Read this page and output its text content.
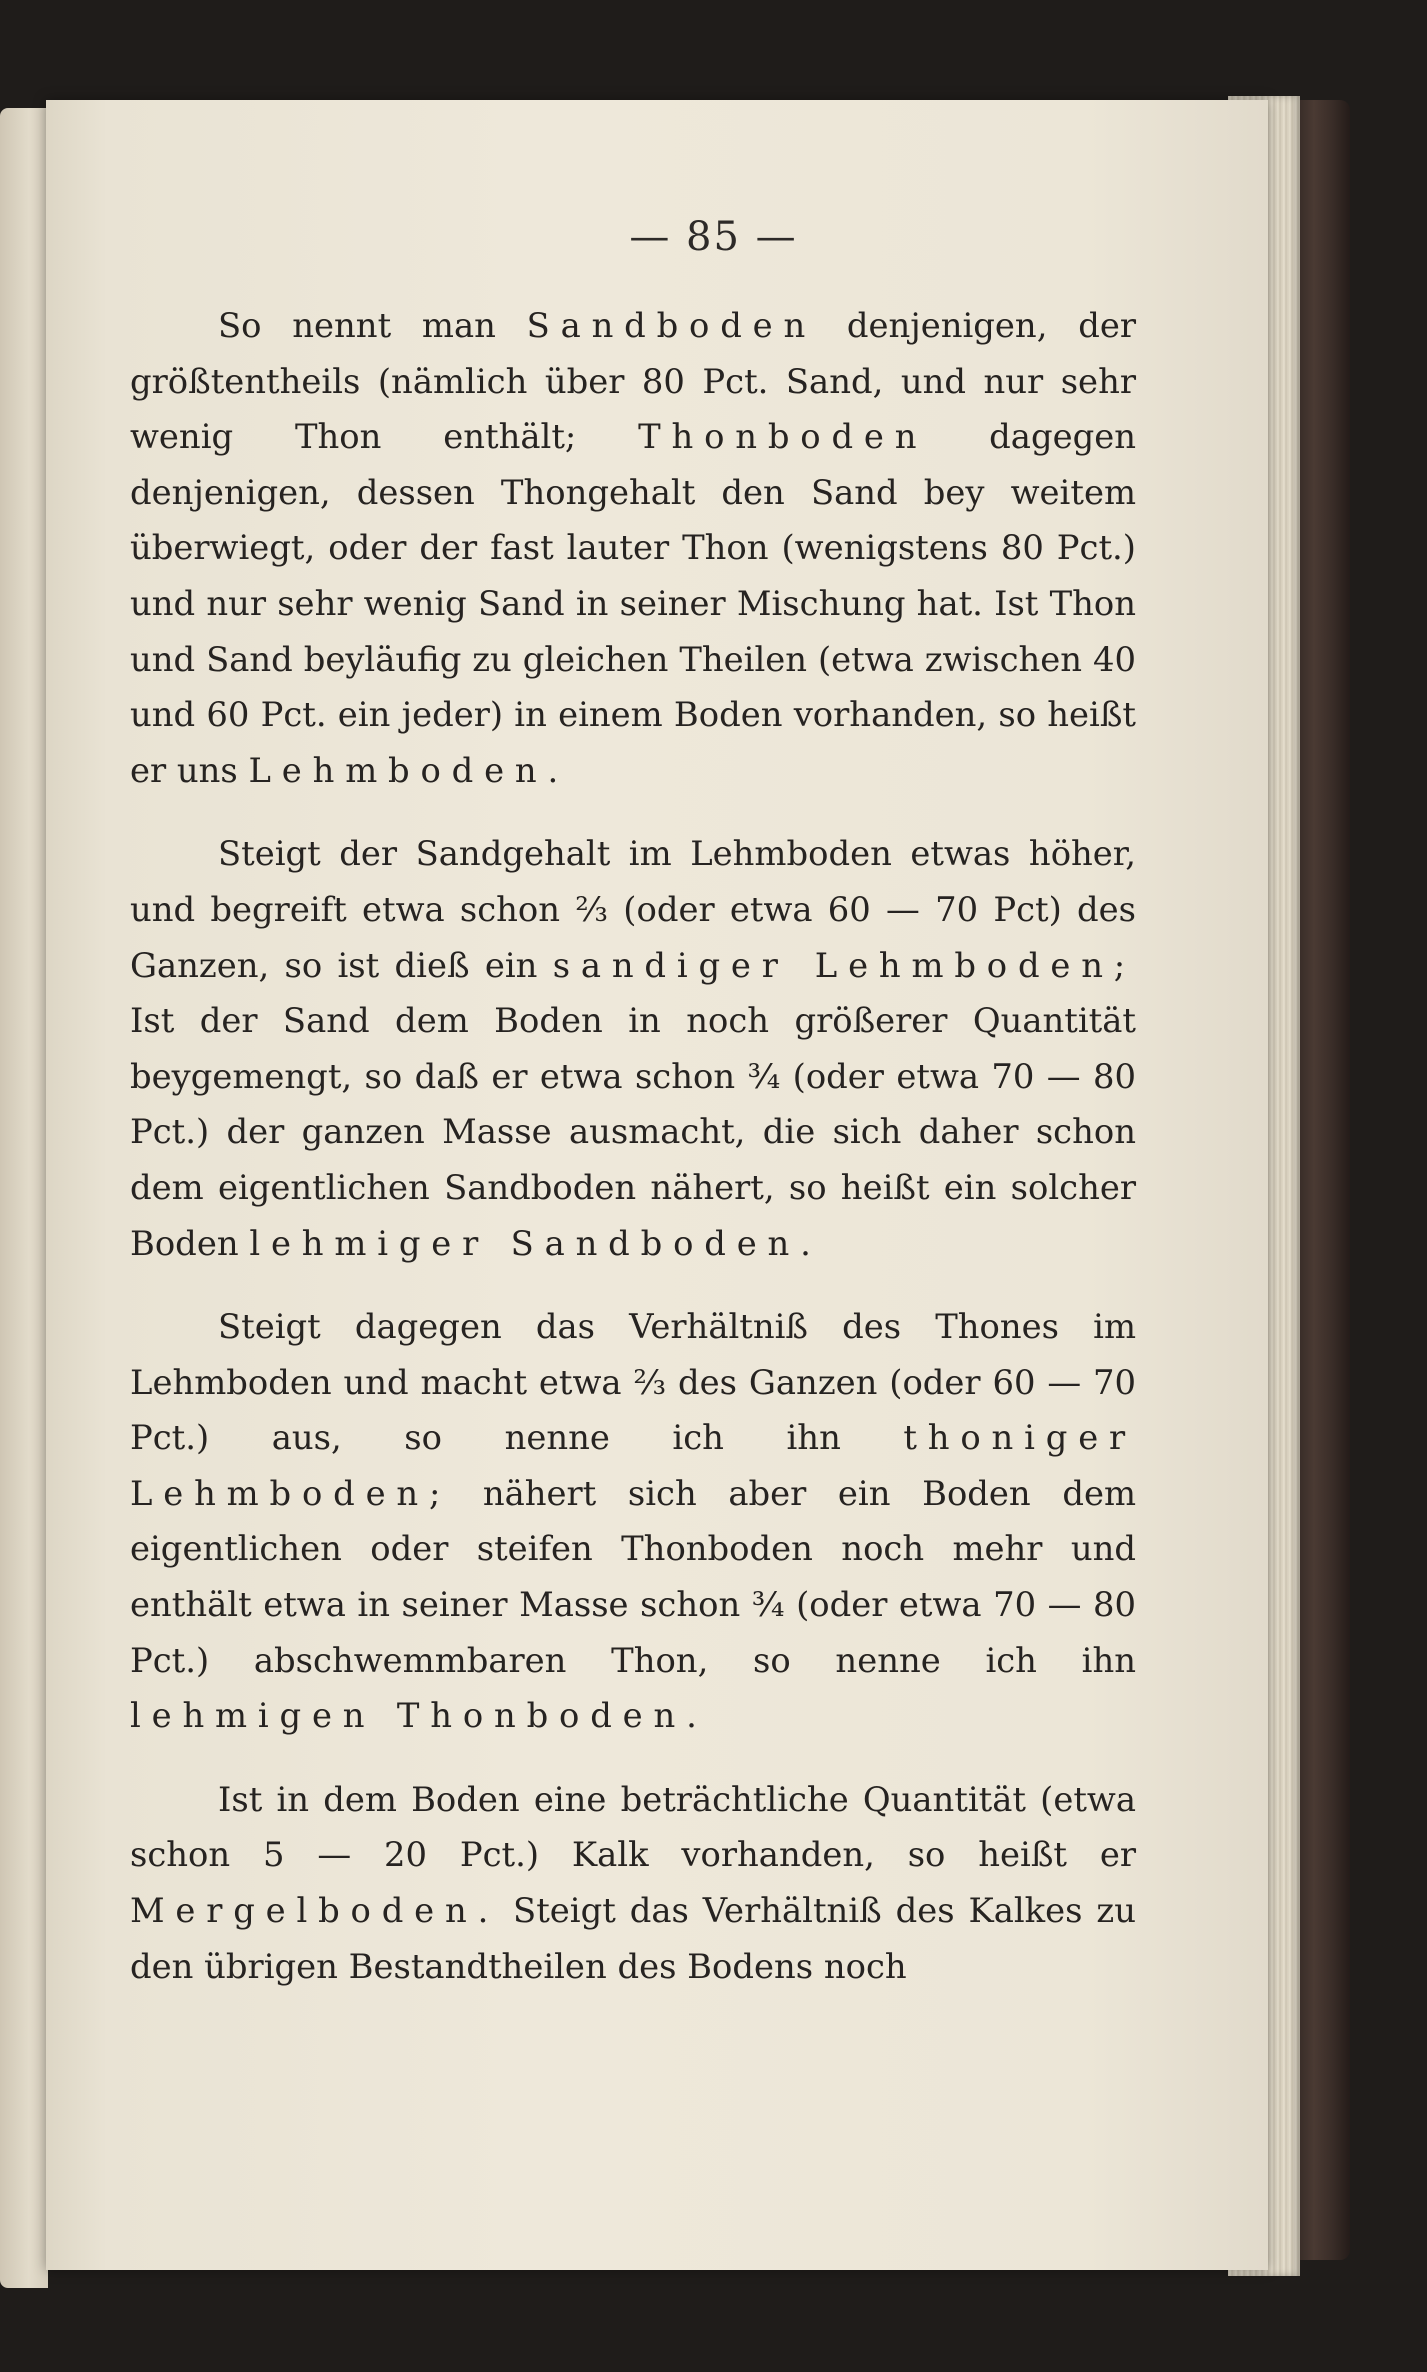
— 85 —

So nennt man Sandboden denjenigen, der größtentheils (nämlich über 80 Pct. Sand, und nur sehr wenig Thon enthält; Thonboden dagegen denjenigen, dessen Thongehalt den Sand bey weitem überwiegt, oder der fast lauter Thon (wenigstens 80 Pct.) und nur sehr wenig Sand in seiner Mischung hat. Ist Thon und Sand beyläufig zu gleichen Theilen (etwa zwischen 40 und 60 Pct. ein jeder) in einem Boden vorhanden, so heißt er uns Lehmboden.

Steigt der Sandgehalt im Lehmboden etwas höher, und begreift etwa schon ⅔ (oder etwa 60 — 70 Pct) des Ganzen, so ist dieß ein sandiger Lehmboden; Ist der Sand dem Boden in noch größerer Quantität beygemengt, so daß er etwa schon ¾ (oder etwa 70 — 80 Pct.) der ganzen Masse ausmacht, die sich daher schon dem eigentlichen Sandboden nähert, so heißt ein solcher Boden lehmiger Sandboden.

Steigt dagegen das Verhältniß des Thones im Lehmboden und macht etwa ⅔ des Ganzen (oder 60 — 70 Pct.) aus, so nenne ich ihn thoniger Lehmboden; nähert sich aber ein Boden dem eigentlichen oder steifen Thonboden noch mehr und enthält etwa in seiner Masse schon ¾ (oder etwa 70 — 80 Pct.) abschwemmbaren Thon, so nenne ich ihn lehmigen Thonboden.

Ist in dem Boden eine beträchtliche Quantität (etwa schon 5 — 20 Pct.) Kalk vorhanden, so heißt er Mergelboden. Steigt das Verhältniß des Kalkes zu den übrigen Bestandtheilen des Bodens noch
